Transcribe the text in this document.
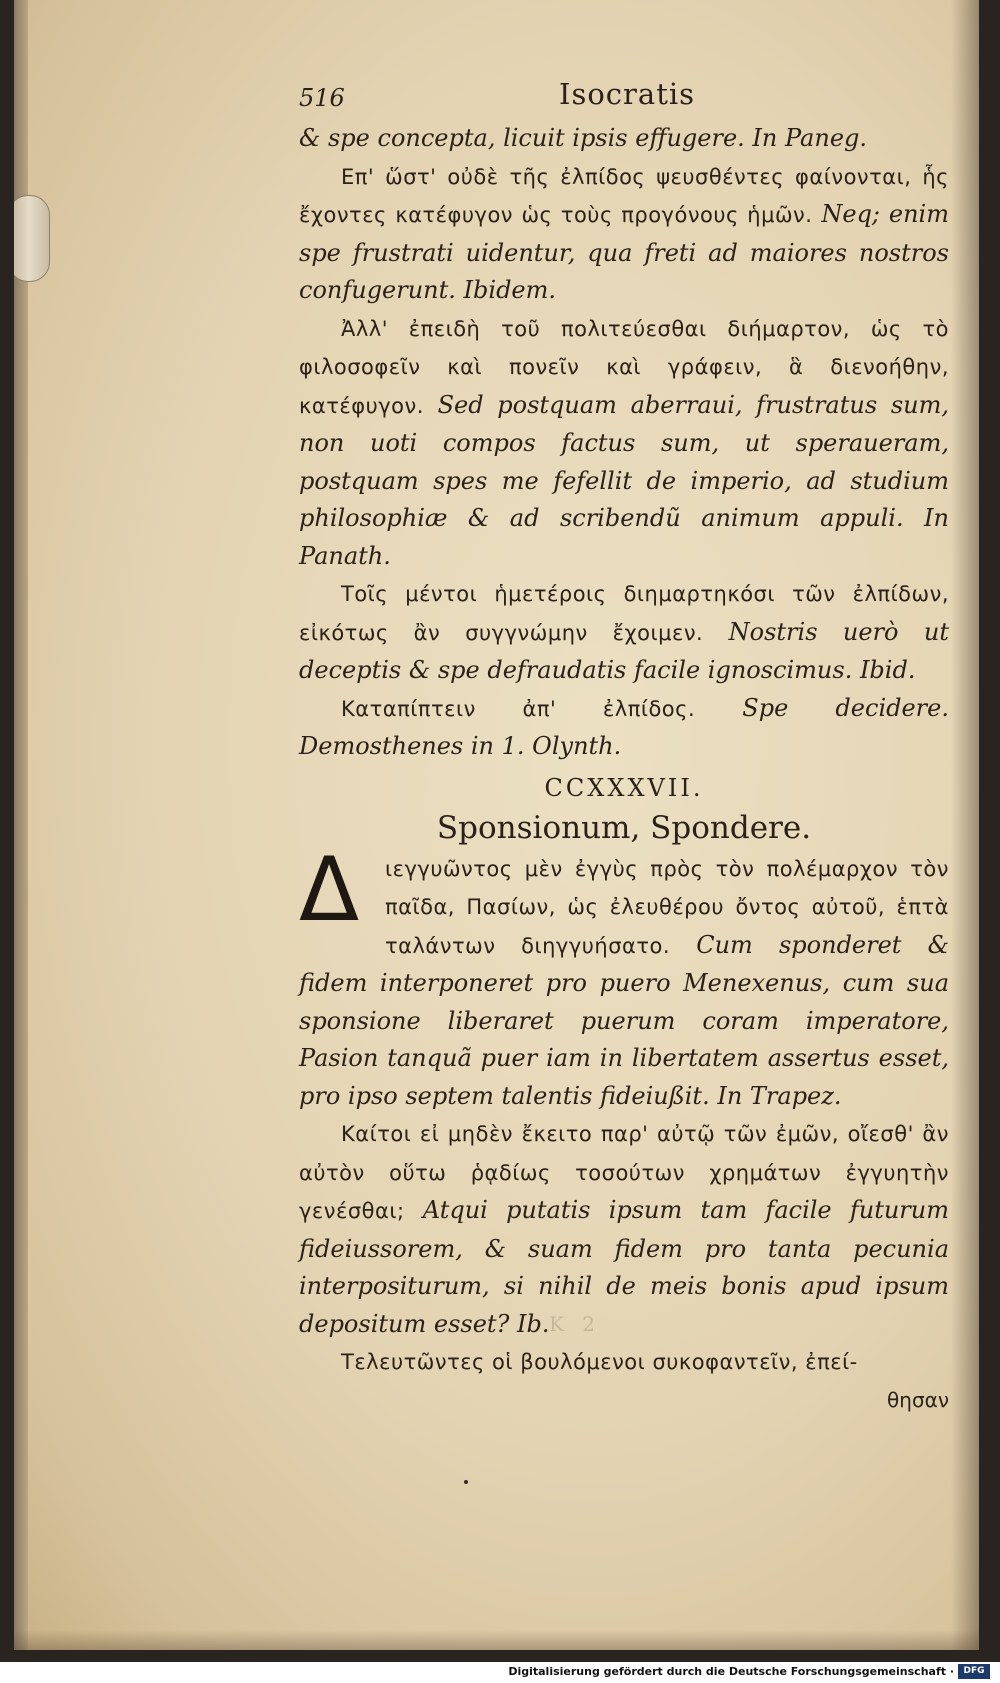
K 2
516	Isocratis

& spe concepta, licuit ipsis effugere. In Paneg.

Επ' ὥστ' οὐδὲ τῆς ἐλπίδος ψευσθέντες φαίνονται, ἧς ἔχοντες κατέφυγον ὡς τοὺς προγόνους ἡμῶν. Neq; enim spe frustrati uidentur, qua freti ad maiores nostros confugerunt. Ibidem.

Ἀλλ' ἐπειδὴ τοῦ πολιτεύεσθαι διήμαρτον, ὡς τὸ φιλοσοφεῖν καὶ πονεῖν καὶ γράφειν, ἃ διενοήθην, κατέφυγον. Sed postquam aberraui, frustratus sum, non uoti compos factus sum, ut speraueram, postquam spes me fefellit de imperio, ad studium philosophiæ & ad scribendũ animum appuli. In Panath.

Τοῖς μέντοι ἡμετέροις διημαρτηκόσι τῶν ἐλπίδων, εἰκότως ἂν συγγνώμην ἔχοιμεν. Nostris uerò ut deceptis & spe defraudatis facile ignoscimus. Ibid.

Καταπίπτειν ἀπ' ἐλπίδος. Spe decidere. Demosthenes in 1. Olynth.

CCXXXVII.
Sponsionum, Spondere.

Δ	ιεγγυῶντος μὲν ἐγγὺς πρὸς τὸν πολέμαρχον τὸν παῖδα, Πασίων, ὡς ἐλευθέρου ὄντος αὐτοῦ, ἑπτὰ ταλάντων διηγγυήσατο. Cum sponderet & fidem interponeret pro puero Menexenus, cum sua sponsione liberaret puerum coram imperatore, Pasion tanquã puer iam in libertatem assertus esset, pro ipso septem talentis fideiußit. In Trapez.

Καίτοι εἰ μηδὲν ἔκειτο παρ' αὐτῷ τῶν ἐμῶν, οἴεσθ' ἂν αὐτὸν οὕτω ῥᾳδίως τοσούτων χρημάτων ἐγγυητὴν γενέσθαι; Atqui putatis ipsum tam facile futurum fideiussorem, & suam fidem pro tanta pecunia interpositurum, si nihil de meis bonis apud ipsum depositum esset? Ib.

Τελευτῶντες οἱ βουλόμενοι συκοφαντεῖν, ἐπεί-

θησαν
Digitalisierung gefördert durch die Deutsche Forschungsgemeinschaft ·	DFG
